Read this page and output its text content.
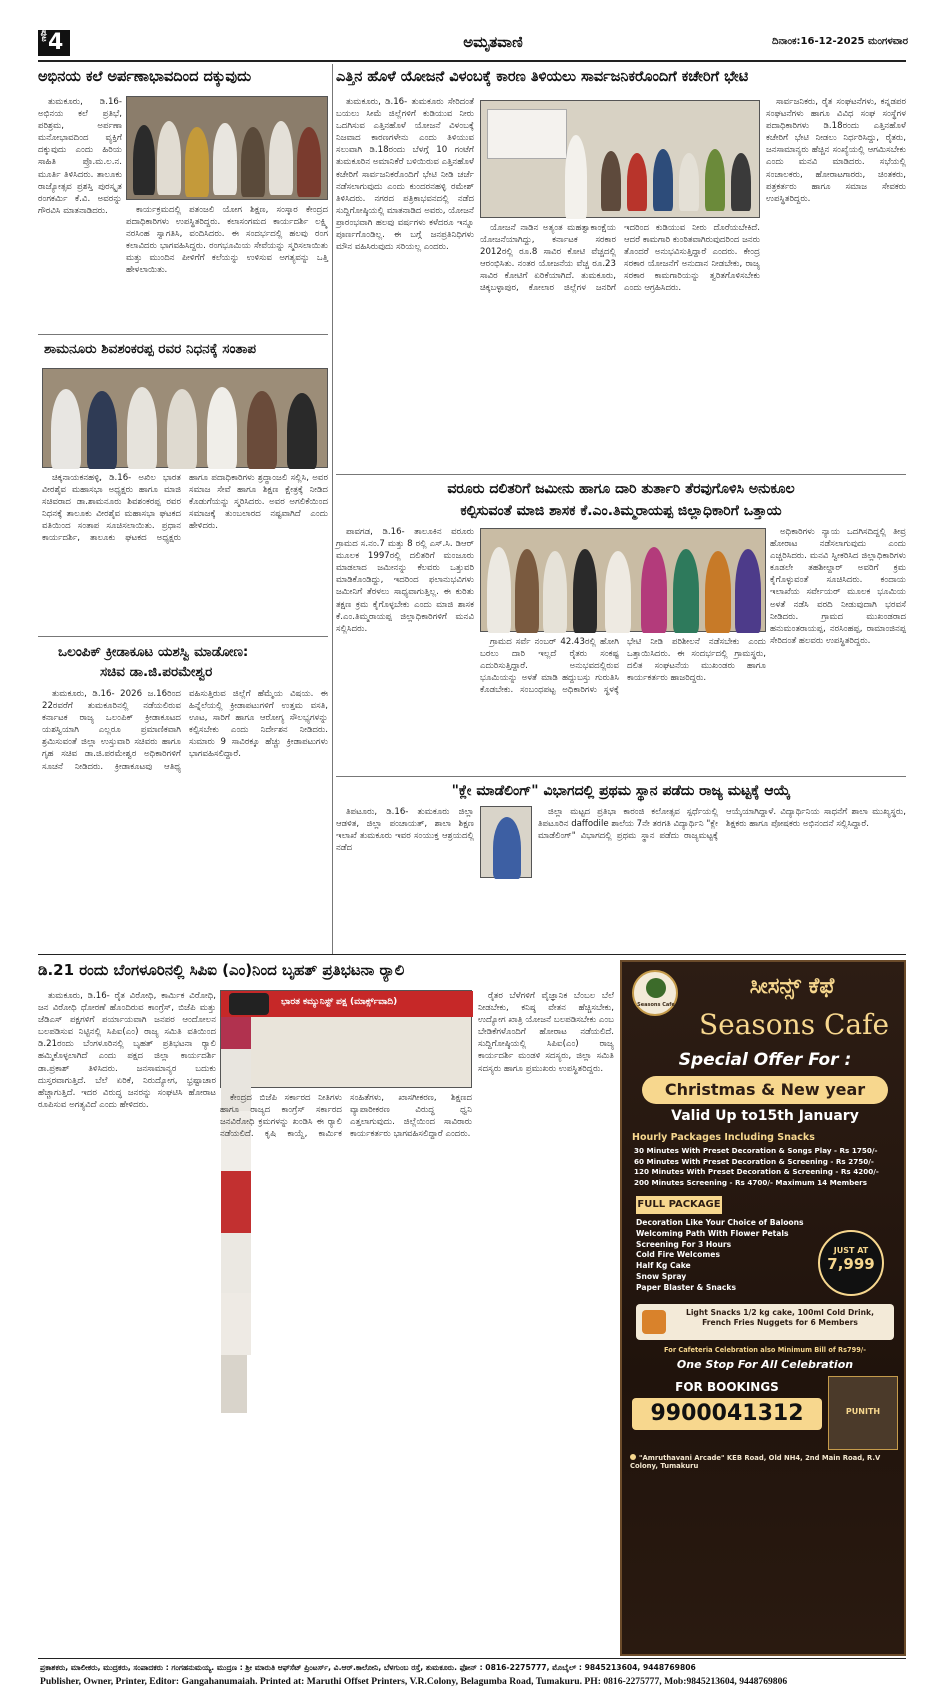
ಪುಟ 4	ಅಮೃತವಾಣಿ	ದಿನಾಂಕ:16-12-2025 ಮಂಗಳವಾರ
ಅಭಿನಯ ಕಲೆ ಅರ್ಪಣಾಭಾವದಿಂದ ದಕ್ಕುವುದು

ತುಮಕೂರು, ಡಿ.16- ಅಭಿನಯ ಕಲೆ ಪ್ರತಿಭೆ, ಪರಿಶ್ರಮ, ಅರ್ಪಣಾ ಮನೋಭಾವದಿಂದ ವ್ಯಕ್ತಿಗೆ ದಕ್ಕುವುದು ಎಂದು ಹಿರಿಯ ಸಾಹಿತಿ ಪ್ರೊ.ಮ.ಲ.ನ. ಮೂರ್ತಿ ತಿಳಿಸಿದರು. ತಾಲೂಕು ರಾಜ್ಯೋತ್ಸವ ಪ್ರಶಸ್ತಿ ಪುರಸ್ಕೃತ ರಂಗಕರ್ಮಿ ಕೆ.ವಿ. ಅವರನ್ನು ಗೌರವಿಸಿ ಮಾತನಾಡಿದರು.	ಕಾರ್ಯಕ್ರಮದಲ್ಲಿ ಪತಂಜಲಿ ಯೋಗ ಶಿಕ್ಷಣ, ಸಂಸ್ಕಾರ ಕೇಂದ್ರದ ಪದಾಧಿಕಾರಿಗಳು ಉಪಸ್ಥಿತರಿದ್ದರು. ಕಲಾಸಂಗಮದ ಕಾರ್ಯದರ್ಶಿ ಲಕ್ಷ್ಮಿ ನರಸಿಂಹ ಸ್ವಾಗತಿಸಿ, ವಂದಿಸಿದರು. ಈ ಸಂದರ್ಭದಲ್ಲಿ ಹಲವು ರಂಗ ಕಲಾವಿದರು ಭಾಗವಹಿಸಿದ್ದರು. ರಂಗಭೂಮಿಯ ಸೇವೆಯನ್ನು ಸ್ಮರಿಸಲಾಯಿತು ಮತ್ತು ಮುಂದಿನ ಪೀಳಿಗೆಗೆ ಕಲೆಯನ್ನು ಉಳಿಸುವ ಅಗತ್ಯವನ್ನು ಒತ್ತಿ ಹೇಳಲಾಯಿತು.

ಶಾಮನೂರು ಶಿವಶಂಕರಪ್ಪ ರವರ ನಿಧನಕ್ಕೆ ಸಂತಾಪ

ಚಿಕ್ಕನಾಯಕನಹಳ್ಳಿ, ಡಿ.16- ಅಖಿಲ ಭಾರತ ವೀರಶೈವ ಮಹಾಸಭಾ ಅಧ್ಯಕ್ಷರು ಹಾಗೂ ಮಾಜಿ ಸಚಿವರಾದ ಡಾ.ಶಾಮನೂರು ಶಿವಶಂಕರಪ್ಪ ರವರ ನಿಧನಕ್ಕೆ ತಾಲೂಕು ವೀರಶೈವ ಮಹಾಸಭಾ ಘಟಕದ ವತಿಯಿಂದ ಸಂತಾಪ ಸೂಚಿಸಲಾಯಿತು. ಪ್ರಧಾನ ಕಾರ್ಯದರ್ಶಿ, ತಾಲೂಕು ಘಟಕದ ಅಧ್ಯಕ್ಷರು ಹಾಗೂ ಪದಾಧಿಕಾರಿಗಳು ಶ್ರದ್ಧಾಂಜಲಿ ಸಲ್ಲಿಸಿ, ಅವರ ಸಮಾಜ ಸೇವೆ ಹಾಗೂ ಶಿಕ್ಷಣ ಕ್ಷೇತ್ರಕ್ಕೆ ನೀಡಿದ ಕೊಡುಗೆಯನ್ನು ಸ್ಮರಿಸಿದರು. ಅವರ ಅಗಲಿಕೆಯಿಂದ ಸಮಾಜಕ್ಕೆ ತುಂಬಲಾರದ ನಷ್ಟವಾಗಿದೆ ಎಂದು ಹೇಳಿದರು.

ಒಲಂಪಿಕ್ ಕ್ರೀಡಾಕೂಟ ಯಶಸ್ವಿ ಮಾಡೋಣ:
ಸಚಿವ ಡಾ.ಜಿ.ಪರಮೇಶ್ವರ

ತುಮಕೂರು, ಡಿ.16- 2026 ಜ.16ರಿಂದ 22ರವರೆಗೆ ತುಮಕೂರಿನಲ್ಲಿ ನಡೆಯಲಿರುವ ಕರ್ನಾಟಕ ರಾಜ್ಯ ಒಲಂಪಿಕ್ ಕ್ರೀಡಾಕೂಟದ ಯಶಸ್ವಿಯಾಗಿ ಎಲ್ಲರೂ ಪ್ರಮಾಣಿಕವಾಗಿ ಶ್ರಮಿಸುವಂತೆ ಜಿಲ್ಲಾ ಉಸ್ತುವಾರಿ ಸಚಿವರು ಹಾಗೂ ಗೃಹ ಸಚಿವ ಡಾ.ಜಿ.ಪರಮೇಶ್ವರ ಅಧಿಕಾರಿಗಳಿಗೆ ಸೂಚನೆ ನೀಡಿದರು. ಕ್ರೀಡಾಕೂಟವು ಆತಿಥ್ಯ ವಹಿಸುತ್ತಿರುವ ಜಿಲ್ಲೆಗೆ ಹೆಮ್ಮೆಯ ವಿಷಯ. ಈ ಹಿನ್ನೆಲೆಯಲ್ಲಿ ಕ್ರೀಡಾಪಟುಗಳಿಗೆ ಉತ್ತಮ ವಸತಿ, ಊಟ, ಸಾರಿಗೆ ಹಾಗೂ ಆರೋಗ್ಯ ಸೌಲಭ್ಯಗಳನ್ನು ಕಲ್ಪಿಸಬೇಕು ಎಂದು ನಿರ್ದೇಶನ ನೀಡಿದರು. ಸುಮಾರು 9 ಸಾವಿರಕ್ಕೂ ಹೆಚ್ಚು ಕ್ರೀಡಾಪಟುಗಳು ಭಾಗವಹಿಸಲಿದ್ದಾರೆ.

ಎತ್ತಿನ ಹೊಳೆ ಯೋಜನೆ ವಿಳಂಬಕ್ಕೆ ಕಾರಣ ತಿಳಿಯಲು ಸಾರ್ವಜನಿಕರೊಂದಿಗೆ ಕಚೇರಿಗೆ ಭೇಟಿ

ತುಮಕೂರು, ಡಿ.16- ತುಮಕೂರು ಸೇರಿದಂತೆ ಬಯಲು ಸೀಮೆ ಜಿಲ್ಲೆಗಳಿಗೆ ಕುಡಿಯುವ ನೀರು ಒದಗಿಸುವ ಎತ್ತಿನಹೊಳೆ ಯೋಜನೆ ವಿಳಂಬಕ್ಕೆ ನಿಜವಾದ ಕಾರಣಗಳೇನು ಎಂದು ತಿಳಿಯುವ ಸಲುವಾಗಿ ಡಿ.18ರಂದು ಬೆಳಗ್ಗೆ 10 ಗಂಟೆಗೆ ತುಮಕೂರಿನ ಅಮಾನಿಕೆರೆ ಬಳಿಯಿರುವ ಎತ್ತಿನಹೊಳೆ ಕಚೇರಿಗೆ ಸಾರ್ವಜನಿಕರೊಂದಿಗೆ ಭೇಟಿ ನೀಡಿ ಚರ್ಚೆ ನಡೆಸಲಾಗುವುದು ಎಂದು ಕುಂದರನಹಳ್ಳಿ ರಮೇಶ್ ತಿಳಿಸಿದರು. ನಗರದ ಪತ್ರಿಕಾಭವನದಲ್ಲಿ ನಡೆದ ಸುದ್ದಿಗೋಷ್ಠಿಯಲ್ಲಿ ಮಾತನಾಡಿದ ಅವರು, ಯೋಜನೆ ಪ್ರಾರಂಭವಾಗಿ ಹಲವು ವರ್ಷಗಳು ಕಳೆದರೂ ಇನ್ನೂ ಪೂರ್ಣಗೊಂಡಿಲ್ಲ. ಈ ಬಗ್ಗೆ ಜನಪ್ರತಿನಿಧಿಗಳು ಮೌನ ವಹಿಸಿರುವುದು ಸರಿಯಲ್ಲ ಎಂದರು.

ಯೋಜನೆ ನಾಡಿನ ಅತ್ಯಂತ ಮಹತ್ವಾಕಾಂಕ್ಷೆಯ ಯೋಜನೆಯಾಗಿದ್ದು, ಕರ್ನಾಟಕ ಸರಕಾರ 2012ರಲ್ಲಿ ರೂ.8 ಸಾವಿರ ಕೋಟಿ ವೆಚ್ಚದಲ್ಲಿ ಆರಂಭಿಸಿತು. ನಂತರ ಯೋಜನೆಯ ವೆಚ್ಚ ರೂ.23 ಸಾವಿರ ಕೋಟಿಗೆ ಏರಿಕೆಯಾಗಿದೆ. ತುಮಕೂರು, ಚಿಕ್ಕಬಳ್ಳಾಪುರ, ಕೋಲಾರ ಜಿಲ್ಲೆಗಳ ಜನರಿಗೆ ಇದರಿಂದ ಕುಡಿಯುವ ನೀರು ದೊರೆಯಬೇಕಿದೆ. ಆದರೆ ಕಾಮಗಾರಿ ಕುಂಠಿತವಾಗಿರುವುದರಿಂದ ಜನರು ತೊಂದರೆ ಅನುಭವಿಸುತ್ತಿದ್ದಾರೆ ಎಂದರು. ಕೇಂದ್ರ ಸರಕಾರ ಯೋಜನೆಗೆ ಅನುದಾನ ನೀಡಬೇಕು, ರಾಜ್ಯ ಸರಕಾರ ಕಾಮಗಾರಿಯನ್ನು ತ್ವರಿತಗೊಳಿಸಬೇಕು ಎಂದು ಆಗ್ರಹಿಸಿದರು.

ಸಾರ್ವಜನಿಕರು, ರೈತ ಸಂಘಟನೆಗಳು, ಕನ್ನಡಪರ ಸಂಘಟನೆಗಳು ಹಾಗೂ ವಿವಿಧ ಸಂಘ ಸಂಸ್ಥೆಗಳ ಪದಾಧಿಕಾರಿಗಳು ಡಿ.18ರಂದು ಎತ್ತಿನಹೊಳೆ ಕಚೇರಿಗೆ ಭೇಟಿ ನೀಡಲು ನಿರ್ಧರಿಸಿದ್ದು, ರೈತರು, ಜನಸಾಮಾನ್ಯರು ಹೆಚ್ಚಿನ ಸಂಖ್ಯೆಯಲ್ಲಿ ಆಗಮಿಸಬೇಕು ಎಂದು ಮನವಿ ಮಾಡಿದರು. ಸಭೆಯಲ್ಲಿ ಸಂಚಾಲಕರು, ಹೋರಾಟಗಾರರು, ಚಿಂತಕರು, ಪತ್ರಕರ್ತರು ಹಾಗೂ ಸಮಾಜ ಸೇವಕರು ಉಪಸ್ಥಿತರಿದ್ದರು.

ವರೂರು ದಲಿತರಿಗೆ ಜಮೀನು ಹಾಗೂ ದಾರಿ ತುರ್ತಾರಿ ತೆರವುಗೊಳಿಸಿ ಅನುಕೂಲ
ಕಲ್ಪಿಸುವಂತೆ ಮಾಜಿ ಶಾಸಕ ಕೆ.ಎಂ.ತಿಮ್ಮರಾಯಪ್ಪ ಜಿಲ್ಲಾಧಿಕಾರಿಗೆ ಒತ್ತಾಯ

ಪಾವಗಡ, ಡಿ.16- ತಾಲೂಕಿನ ವರೂರು ಗ್ರಾಮದ ಸ.ನಂ.7 ಮತ್ತು 8 ರಲ್ಲಿ ಎಸ್.ಸಿ. ಡಿಆರ್ ಮೂಲಕ 1997ರಲ್ಲಿ ದಲಿತರಿಗೆ ಮಂಜೂರು ಮಾಡಲಾದ ಜಮೀನನ್ನು ಕೆಲವರು ಒತ್ತುವರಿ ಮಾಡಿಕೊಂಡಿದ್ದು, ಇದರಿಂದ ಫಲಾನುಭವಿಗಳು ಜಮೀನಿಗೆ ತೆರಳಲು ಸಾಧ್ಯವಾಗುತ್ತಿಲ್ಲ. ಈ ಕುರಿತು ತಕ್ಷಣ ಕ್ರಮ ಕೈಗೊಳ್ಳಬೇಕು ಎಂದು ಮಾಜಿ ಶಾಸಕ ಕೆ.ಎಂ.ತಿಮ್ಮರಾಯಪ್ಪ ಜಿಲ್ಲಾಧಿಕಾರಿಗಳಿಗೆ ಮನವಿ ಸಲ್ಲಿಸಿದರು.

ಗ್ರಾಮದ ಸರ್ವೆ ನಂಬರ್ 42.43ರಲ್ಲಿ ಹೋಗಿ ಬರಲು ದಾರಿ ಇಲ್ಲದೆ ರೈತರು ಸಂಕಷ್ಟ ಎದುರಿಸುತ್ತಿದ್ದಾರೆ. ಅನುಭವದಲ್ಲಿರುವ ಭೂಮಿಯನ್ನು ಅಳತೆ ಮಾಡಿ ಹದ್ದುಬಸ್ತು ಗುರುತಿಸಿ ಕೊಡಬೇಕು. ಸಂಬಂಧಪಟ್ಟ ಅಧಿಕಾರಿಗಳು ಸ್ಥಳಕ್ಕೆ ಭೇಟಿ ನೀಡಿ ಪರಿಶೀಲನೆ ನಡೆಸಬೇಕು ಎಂದು ಒತ್ತಾಯಿಸಿದರು. ಈ ಸಂದರ್ಭದಲ್ಲಿ ಗ್ರಾಮಸ್ಥರು, ದಲಿತ ಸಂಘಟನೆಯ ಮುಖಂಡರು ಹಾಗೂ ಕಾರ್ಯಕರ್ತರು ಹಾಜರಿದ್ದರು.

ಅಧಿಕಾರಿಗಳು ನ್ಯಾಯ ಒದಗಿಸದಿದ್ದಲ್ಲಿ ತೀವ್ರ ಹೋರಾಟ ನಡೆಸಲಾಗುವುದು ಎಂದು ಎಚ್ಚರಿಸಿದರು. ಮನವಿ ಸ್ವೀಕರಿಸಿದ ಜಿಲ್ಲಾಧಿಕಾರಿಗಳು ಕೂಡಲೇ ತಹಶೀಲ್ದಾರ್ ಅವರಿಗೆ ಕ್ರಮ ಕೈಗೊಳ್ಳುವಂತೆ ಸೂಚಿಸಿದರು. ಕಂದಾಯ ಇಲಾಖೆಯ ಸರ್ವೇಯರ್ ಮೂಲಕ ಭೂಮಿಯ ಅಳತೆ ನಡೆಸಿ ವರದಿ ನೀಡುವುದಾಗಿ ಭರವಸೆ ನೀಡಿದರು. ಗ್ರಾಮದ ಮುಖಂಡರಾದ ಹನುಮಂತರಾಯಪ್ಪ, ನರಸಿಂಹಪ್ಪ, ರಾಮಾಂಜಿನಪ್ಪ ಸೇರಿದಂತೆ ಹಲವರು ಉಪಸ್ಥಿತರಿದ್ದರು.

"ಕ್ಲೇ ಮಾಡೆಲಿಂಗ್" ವಿಭಾಗದಲ್ಲಿ ಪ್ರಥಮ ಸ್ಥಾನ ಪಡೆದು ರಾಜ್ಯ ಮಟ್ಟಕ್ಕೆ ಆಯ್ಕೆ

ತಿಪಟೂರು, ಡಿ.16- ತುಮಕೂರು ಜಿಲ್ಲಾ ಆಡಳಿತ, ಜಿಲ್ಲಾ ಪಂಚಾಯತ್, ಶಾಲಾ ಶಿಕ್ಷಣ ಇಲಾಖೆ ತುಮಕೂರು ಇವರ ಸಂಯುಕ್ತ ಆಶ್ರಯದಲ್ಲಿ ನಡೆದ

ಜಿಲ್ಲಾ ಮಟ್ಟದ ಪ್ರತಿಭಾ ಕಾರಂಜಿ ಕಲೋತ್ಸವ ಸ್ಪರ್ಧೆಯಲ್ಲಿ ತಿಪಟೂರಿನ daffodile ಶಾಲೆಯ 7ನೇ ತರಗತಿ ವಿದ್ಯಾರ್ಥಿನಿ "ಕ್ಲೇ ಮಾಡೆಲಿಂಗ್" ವಿಭಾಗದಲ್ಲಿ ಪ್ರಥಮ ಸ್ಥಾನ ಪಡೆದು ರಾಜ್ಯಮಟ್ಟಕ್ಕೆ ಆಯ್ಕೆಯಾಗಿದ್ದಾಳೆ. ವಿದ್ಯಾರ್ಥಿನಿಯ ಸಾಧನೆಗೆ ಶಾಲಾ ಮುಖ್ಯಸ್ಥರು, ಶಿಕ್ಷಕರು ಹಾಗೂ ಪೋಷಕರು ಅಭಿನಂದನೆ ಸಲ್ಲಿಸಿದ್ದಾರೆ.

ಡಿ.21 ರಂದು ಬೆಂಗಳೂರಿನಲ್ಲಿ ಸಿಪಿಐ (ಎಂ)ನಿಂದ ಬೃಹತ್ ಪ್ರತಿಭಟನಾ ರ್‍ಯಾಲಿ

ತುಮಕೂರು, ಡಿ.16- ರೈತ ವಿರೋಧಿ, ಕಾರ್ಮಿಕ ವಿರೋಧಿ, ಜನ ವಿರೋಧಿ ಧೋರಣೆ ಹೊಂದಿರುವ ಕಾಂಗ್ರೆಸ್, ಬಿಜೆಪಿ ಮತ್ತು ಜೆಡಿಎಸ್ ಪಕ್ಷಗಳಿಗೆ ಪರ್ಯಾಯವಾಗಿ ಜನಪರ ಆಂದೋಲನ ಬಲಪಡಿಸುವ ನಿಟ್ಟಿನಲ್ಲಿ ಸಿಪಿಐ(ಎಂ) ರಾಜ್ಯ ಸಮಿತಿ ವತಿಯಿಂದ ಡಿ.21ರಂದು ಬೆಂಗಳೂರಿನಲ್ಲಿ ಬೃಹತ್ ಪ್ರತಿಭಟನಾ ರ್‍ಯಾಲಿ ಹಮ್ಮಿಕೊಳ್ಳಲಾಗಿದೆ ಎಂದು ಪಕ್ಷದ ಜಿಲ್ಲಾ ಕಾರ್ಯದರ್ಶಿ ಡಾ.ಪ್ರಕಾಶ್ ತಿಳಿಸಿದರು. ಜನಸಾಮಾನ್ಯರ ಬದುಕು ದುಸ್ತರವಾಗುತ್ತಿದೆ. ಬೆಲೆ ಏರಿಕೆ, ನಿರುದ್ಯೋಗ, ಭ್ರಷ್ಟಾಚಾರ ಹೆಚ್ಚಾಗುತ್ತಿದೆ. ಇದರ ವಿರುದ್ಧ ಜನರನ್ನು ಸಂಘಟಿಸಿ ಹೋರಾಟ ರೂಪಿಸುವ ಅಗತ್ಯವಿದೆ ಎಂದು ಹೇಳಿದರು.

ಭಾರತ ಕಮ್ಯುನಿಸ್ಟ್ ಪಕ್ಷ (ಮಾರ್ಕ್ಸ್‌ವಾದಿ)

ಕೇಂದ್ರದ ಬಿಜೆಪಿ ಸರ್ಕಾರದ ನೀತಿಗಳು ಹಾಗೂ ರಾಜ್ಯದ ಕಾಂಗ್ರೆಸ್ ಸರ್ಕಾರದ ಜನವಿರೋಧಿ ಕ್ರಮಗಳನ್ನು ಖಂಡಿಸಿ ಈ ರ್‍ಯಾಲಿ ನಡೆಯಲಿದೆ. ಕೃಷಿ ಕಾಯ್ದೆ, ಕಾರ್ಮಿಕ ಸಂಹಿತೆಗಳು, ಖಾಸಗೀಕರಣ, ಶಿಕ್ಷಣದ ವ್ಯಾಪಾರೀಕರಣ ವಿರುದ್ಧ ಧ್ವನಿ ಎತ್ತಲಾಗುವುದು. ಜಿಲ್ಲೆಯಿಂದ ಸಾವಿರಾರು ಕಾರ್ಯಕರ್ತರು ಭಾಗವಹಿಸಲಿದ್ದಾರೆ ಎಂದರು.

ರೈತರ ಬೆಳೆಗಳಿಗೆ ವೈಜ್ಞಾನಿಕ ಬೆಂಬಲ ಬೆಲೆ ನೀಡಬೇಕು, ಕನಿಷ್ಠ ವೇತನ ಹೆಚ್ಚಿಸಬೇಕು, ಉದ್ಯೋಗ ಖಾತ್ರಿ ಯೋಜನೆ ಬಲಪಡಿಸಬೇಕು ಎಂಬ ಬೇಡಿಕೆಗಳೊಂದಿಗೆ ಹೋರಾಟ ನಡೆಯಲಿದೆ. ಸುದ್ದಿಗೋಷ್ಠಿಯಲ್ಲಿ ಸಿಪಿಐ(ಎಂ) ರಾಜ್ಯ ಕಾರ್ಯದರ್ಶಿ ಮಂಡಳಿ ಸದಸ್ಯರು, ಜಿಲ್ಲಾ ಸಮಿತಿ ಸದಸ್ಯರು ಹಾಗೂ ಪ್ರಮುಖರು ಉಪಸ್ಥಿತರಿದ್ದರು.

Seasons Cafe
ಸೀಸನ್ಸ್ ಕೆಫೆ
Seasons Cafe
Special Offer For :
Christmas & New year
Valid Up to15th January
Hourly Packages Including Snacks
30 Minutes With Preset Decoration & Songs Play - Rs 1750/-
60 Minutes With Preset Decoration & Screening - Rs 2750/-
120 Minutes With Preset Decoration & Screening - Rs 4200/-
200 Minutes Screening - Rs 4700/- Maximum 14 Members
FULL PACKAGE
Decoration Like Your Choice of Baloons
Welcoming Path With Flower Petals
Screening For 3 Hours
Cold Fire Welcomes
Half Kg Cake
Snow Spray
Paper Blaster & Snacks
JUST AT
7,999
Light Snacks 1/2 kg cake, 100ml Cold Drink, French Fries Nuggets for 6 Members
For Cafeteria Celebration also Minimum Bill of Rs799/-
One Stop For All Celebration
FOR BOOKINGS
9900041312	PUNITH
"Amruthavani Arcade" KEB Road, Old NH4, 2nd Main Road, R.V Colony, Tumakuru
ಪ್ರಕಾಶಕರು, ಮಾಲೀಕರು, ಮುದ್ರಕರು, ಸಂಪಾದಕರು : ಗಂಗಹನುಮಯ್ಯ. ಮುದ್ರಣ : ಶ್ರೀ ಮಾರುತಿ ಆಫ್‍ಸೆಟ್ ಪ್ರಿಂಟರ್ಸ್, ವಿ.ಆರ್.ಕಾಲೋನಿ, ಬೆಳಗುಂಬ ರಸ್ತೆ, ತುಮಕೂರು. ಫೋನ್ : 0816-2275777, ಮೊಬೈಲ್ : 9845213604, 9448769806
Publisher, Owner, Printer, Editor: Gangahanumaiah. Printed at: Maruthi Offset Printers, V.R.Colony, Belagumba Road, Tumakuru. PH: 0816-2275777, Mob:9845213604, 9448769806
